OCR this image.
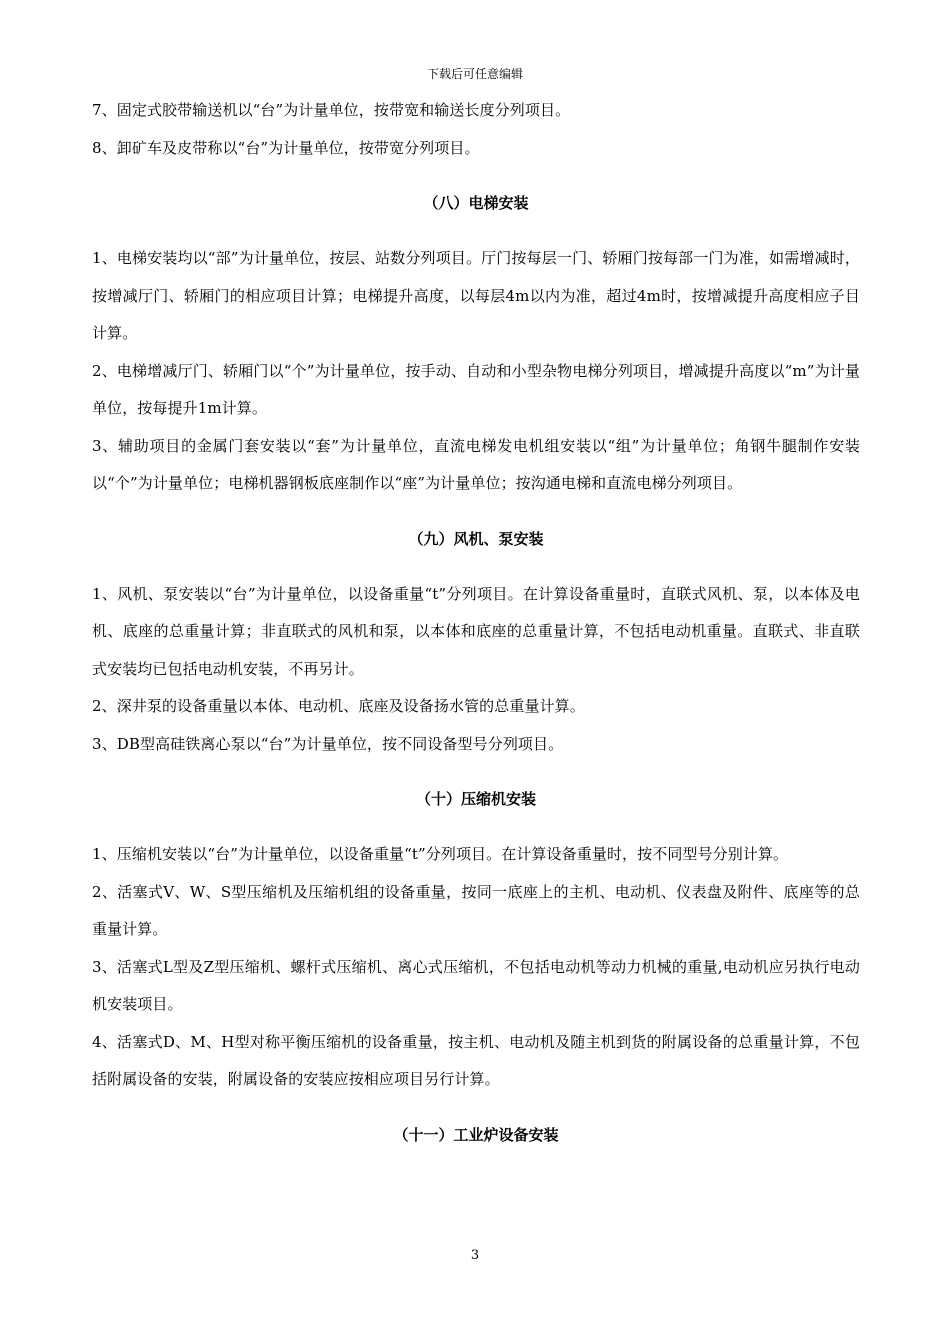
下载后可任意编辑

7、固定式胶带输送机以“台”为计量单位，按带宽和输送长度分列项目。

8、卸矿车及皮带称以“台”为计量单位，按带宽分列项目。

（八）电梯安装

1、电梯安装均以“部”为计量单位，按层、站数分列项目。厅门按每层一门、轿厢门按每部一门为准，如需增减时，按增减厅门、轿厢门的相应项目计算；电梯提升高度，以每层4m以内为准，超过4m时，按增减提升高度相应子目计算。

2、电梯增减厅门、轿厢门以“个”为计量单位，按手动、自动和小型杂物电梯分列项目，增减提升高度以“m”为计量单位，按每提升1m计算。

3、辅助项目的金属门套安装以“套”为计量单位，直流电梯发电机组安装以“组”为计量单位；角钢牛腿制作安装以“个”为计量单位；电梯机器钢板底座制作以“座”为计量单位；按沟通电梯和直流电梯分列项目。

（九）风机、泵安装

1、风机、泵安装以“台”为计量单位，以设备重量“t”分列项目。在计算设备重量时，直联式风机、泵，以本体及电机、底座的总重量计算；非直联式的风机和泵，以本体和底座的总重量计算，不包括电动机重量。直联式、非直联式安装均已包括电动机安装，不再另计。

2、深井泵的设备重量以本体、电动机、底座及设备扬水管的总重量计算。

3、DB型高硅铁离心泵以“台”为计量单位，按不同设备型号分列项目。

（十）压缩机安装

1、压缩机安装以“台”为计量单位，以设备重量“t”分列项目。在计算设备重量时，按不同型号分别计算。

2、活塞式V、W、S型压缩机及压缩机组的设备重量，按同一底座上的主机、电动机、仪表盘及附件、底座等的总重量计算。

3、活塞式L型及Z型压缩机、螺杆式压缩机、离心式压缩机，不包括电动机等动力机械的重量,电动机应另执行电动机安装项目。

4、活塞式D、M、H型对称平衡压缩机的设备重量，按主机、电动机及随主机到货的附属设备的总重量计算，不包括附属设备的安装，附属设备的安装应按相应项目另行计算。

（十一）工业炉设备安装

3
